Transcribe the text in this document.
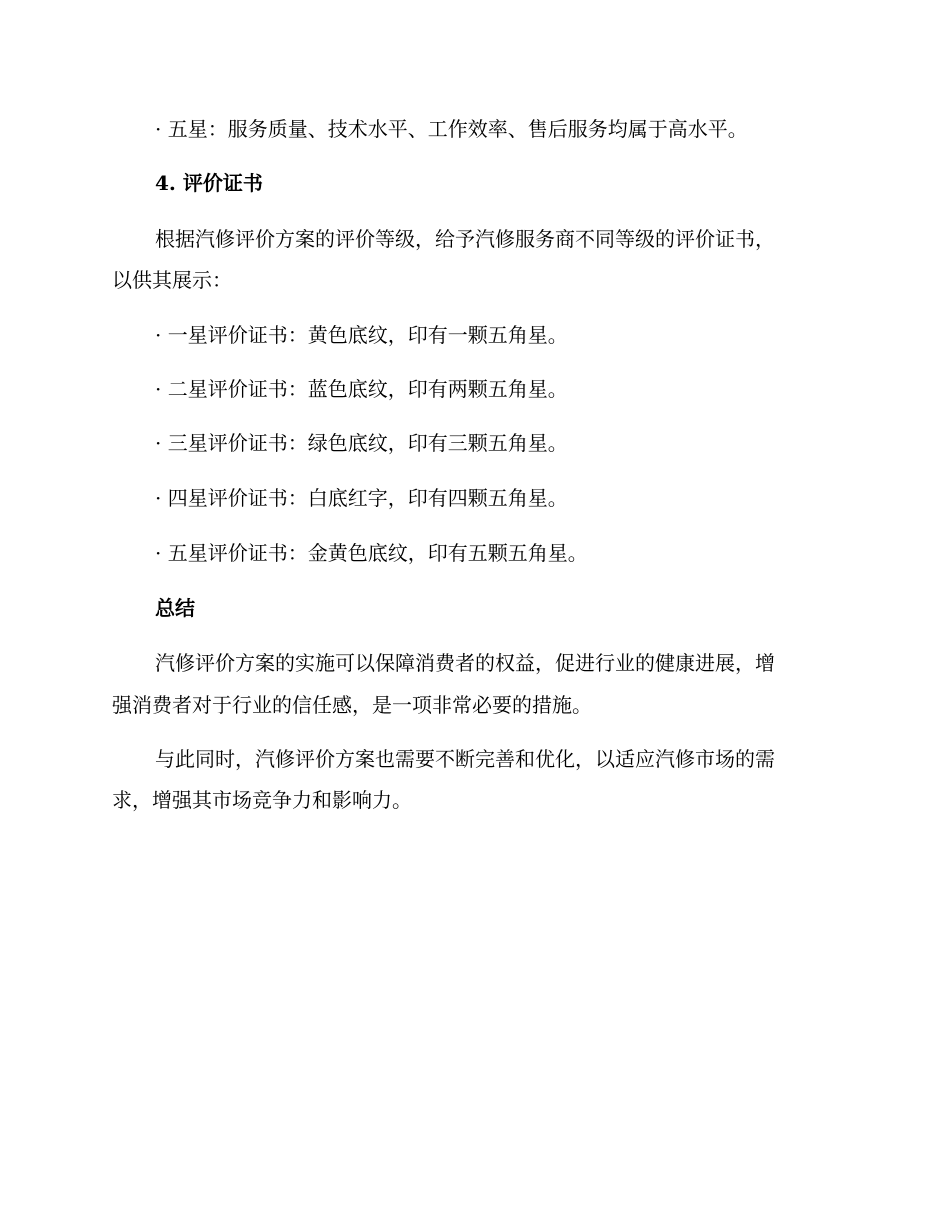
· 五星：服务质量、技术水平、工作效率、售后服务均属于高水平。
4. 评价证书
根据汽修评价方案的评价等级，给予汽修服务商不同等级的评价证书，
以供其展示：
· 一星评价证书：黄色底纹，印有一颗五角星。
· 二星评价证书：蓝色底纹，印有两颗五角星。
· 三星评价证书：绿色底纹，印有三颗五角星。
· 四星评价证书：白底红字，印有四颗五角星。
· 五星评价证书：金黄色底纹，印有五颗五角星。
总结
汽修评价方案的实施可以保障消费者的权益，促进行业的健康进展，增
强消费者对于行业的信任感，是一项非常必要的措施。
与此同时，汽修评价方案也需要不断完善和优化，以适应汽修市场的需
求，增强其市场竞争力和影响力。
